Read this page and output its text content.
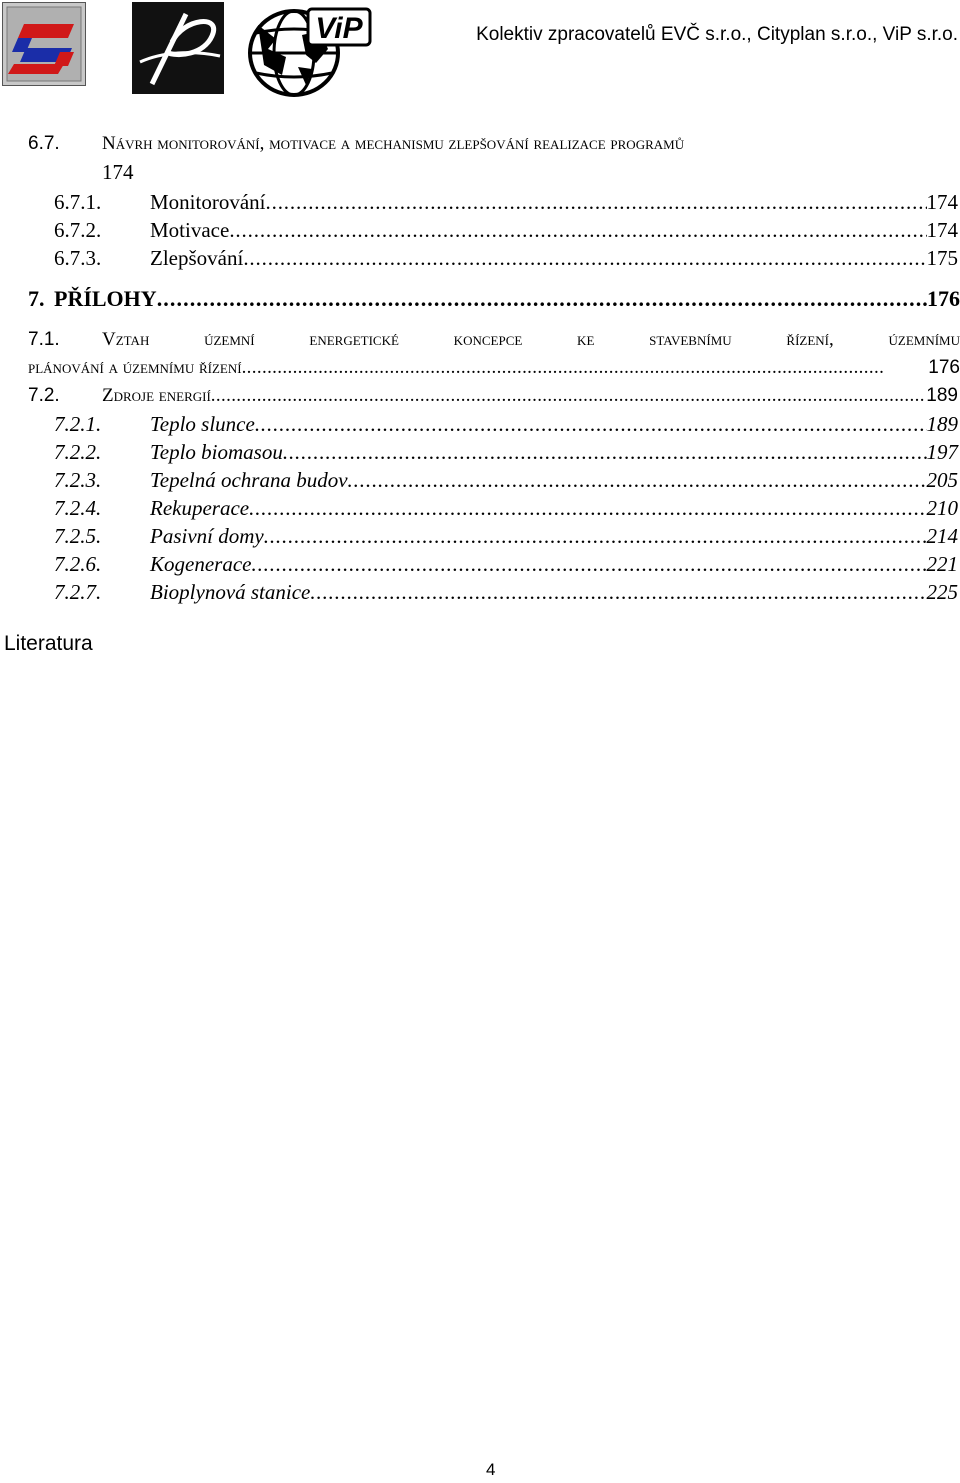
ViP	Kolektiv zpracovatelů EVČ s.r.o., Cityplan s.r.o., ViP s.r.o.
6.7.	Návrh monitorování, motivace a mechanismu zlepšování realizace programů
174
6.7.1.	Monitorování . . .	174
6.7.2.	Motivace . . .	174
6.7.3.	Zlepšování . . .	175
7. PŘÍLOHY . . .	176
7.1.	Vztah územní energetické koncepce ke stavebnímu řízení, územnímu
plánování a územnímu řízení . . . . . . . . . . . . . . . . . . . . . . . . . . . . . . . . . . . . . . . . . . . . . . . . . . . . . . . . . . . . . . . . . . . . . . . . . . . . . . . . . . . . . . . . . . . . . . . . . . . . . . . . . . . . . . . . . . . . . . . . . . . . . .	176
7.2.	Zdroje energií . . .	189
7.2.1.	Teplo slunce . . .	189
7.2.2.	Teplo biomasou . . .	197
7.2.3.	Tepelná ochrana budov . . .	205
7.2.4.	Rekuperace . . .	210
7.2.5.	Pasivní domy . . .	214
7.2.6.	Kogenerace . . .	221
7.2.7.	Bioplynová stanice . . .	225
Literatura
4
